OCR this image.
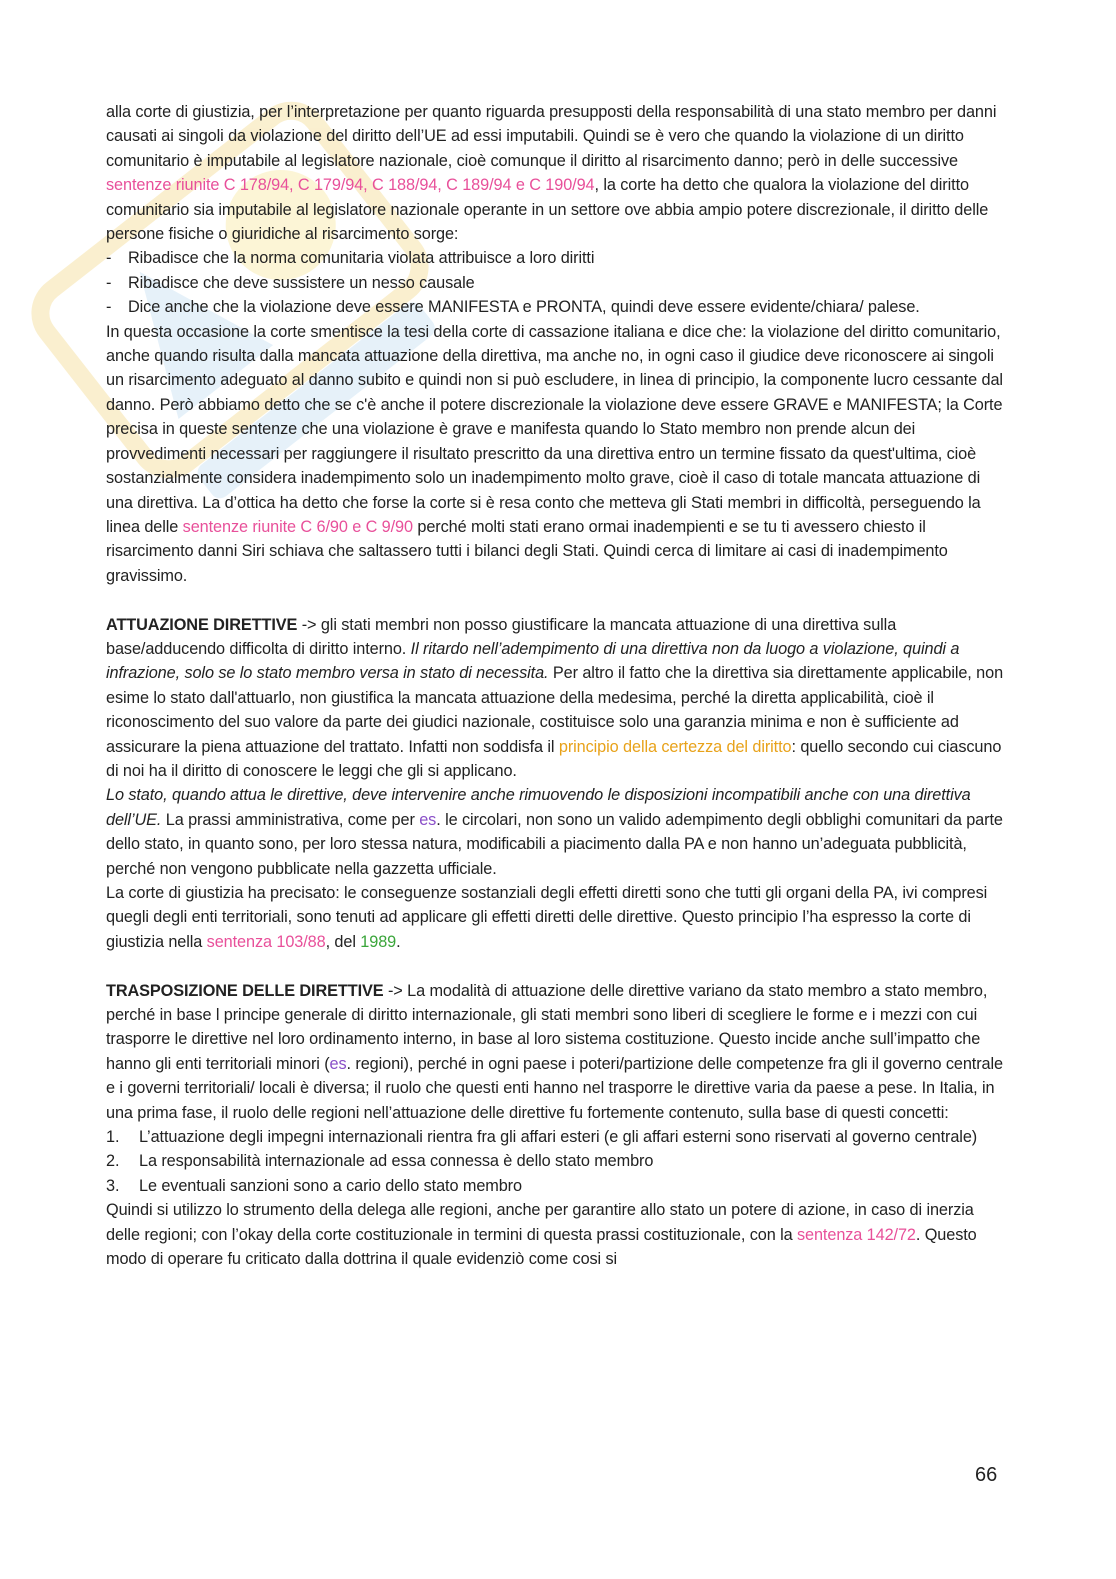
alla corte di giustizia, per l’interpretazione per quanto riguarda presupposti della responsabilità di una stato membro per danni causati ai singoli da violazione del diritto dell’UE ad essi imputabili. Quindi se è vero che quando la violazione di un diritto comunitario è imputabile al legislatore nazionale, cioè comunque il diritto al risarcimento danno; però in delle successive sentenze riunite C 178/94, C 179/94, C 188/94, C 189/94 e C 190/94, la corte ha detto che qualora la violazione del diritto comunitario sia imputabile al legislatore nazionale operante in un settore ove abbia ampio potere discrezionale, il diritto delle persone fisiche o giuridiche al risarcimento sorge:

- Ribadisce che la norma comunitaria violata attribuisce a loro diritti
- Ribadisce che deve sussistere un nesso causale
- Dice anche che la violazione deve essere MANIFESTA e PRONTA, quindi deve essere evidente/chiara/ palese.

In questa occasione la corte smentisce la tesi della corte di cassazione italiana e dice che: la violazione del diritto comunitario, anche quando risulta dalla mancata attuazione della direttiva, ma anche no, in ogni caso il giudice deve riconoscere ai singoli un risarcimento adeguato al danno subito e quindi non si può escludere, in linea di principio, la componente lucro cessante dal danno. Però abbiamo detto che se c'è anche il potere discrezionale la violazione deve essere GRAVE e MANIFESTA; la Corte precisa in queste sentenze che una violazione è grave e manifesta quando lo Stato membro non prende alcun dei provvedimenti necessari per raggiungere il risultato prescritto da una direttiva entro un termine fissato da quest'ultima, cioè sostanzialmente considera inadempimento solo un inadempimento molto grave, cioè il caso di totale mancata attuazione di una direttiva. La d’ottica ha detto che forse la corte si è resa conto che metteva gli Stati membri in difficoltà, perseguendo la linea delle sentenze riunite C 6/90 e C 9/90 perché molti stati erano ormai inadempienti e se tu ti avessero chiesto il risarcimento danni Siri schiava che saltassero tutti i bilanci degli Stati. Quindi cerca di limitare ai casi di inadempimento gravissimo.

ATTUAZIONE DIRETTIVE -> gli stati membri non posso giustificare la mancata attuazione di una direttiva sulla base/adducendo difficolta di diritto interno. Il ritardo nell’adempimento di una direttiva non da luogo a violazione, quindi a infrazione, solo se lo stato membro versa in stato di necessita. Per altro il fatto che la direttiva sia direttamente applicabile, non esime lo stato dall'attuarlo, non giustifica la mancata attuazione della medesima, perché la diretta applicabilità, cioè il riconoscimento del suo valore da parte dei giudici nazionale, costituisce solo una garanzia minima e non è sufficiente ad assicurare la piena attuazione del trattato. Infatti non soddisfa il principio della certezza del diritto: quello secondo cui ciascuno di noi ha il diritto di conoscere le leggi che gli si applicano.

Lo stato, quando attua le direttive, deve intervenire anche rimuovendo le disposizioni incompatibili anche con una direttiva dell’UE. La prassi amministrativa, come per es. le circolari, non sono un valido adempimento degli obblighi comunitari da parte dello stato, in quanto sono, per loro stessa natura, modificabili a piacimento dalla PA e non hanno un’adeguata pubblicità, perché non vengono pubblicate nella gazzetta ufficiale.

La corte di giustizia ha precisato: le conseguenze sostanziali degli effetti diretti sono che tutti gli organi della PA, ivi compresi quegli degli enti territoriali, sono tenuti ad applicare gli effetti diretti delle direttive. Questo principio l’ha espresso la corte di giustizia nella sentenza 103/88, del 1989.

TRASPOSIZIONE DELLE DIRETTIVE -> La modalità di attuazione delle direttive variano da stato membro a stato membro, perché in base l principe generale di diritto internazionale, gli stati membri sono liberi di scegliere le forme e i mezzi con cui trasporre le direttive nel loro ordinamento interno, in base al loro sistema costituzione. Questo incide anche sull’impatto che hanno gli enti territoriali minori (es. regioni), perché in ogni paese i poteri/partizione delle competenze fra gli il governo centrale e i governi territoriali/ locali è diversa; il ruolo che questi enti hanno nel trasporre le direttive varia da paese a pese. In Italia, in una prima fase, il ruolo delle regioni nell’attuazione delle direttive fu fortemente contenuto, sulla base di questi concetti:

1. L’attuazione degli impegni internazionali rientra fra gli affari esteri (e gli affari esterni sono riservati al governo centrale)
2. La responsabilità internazionale ad essa connessa è dello stato membro
3. Le eventuali sanzioni sono a cario dello stato membro

Quindi si utilizzo lo strumento della delega alle regioni, anche per garantire allo stato un potere di azione, in caso di inerzia delle regioni; con l’okay della corte costituzionale in termini di questa prassi costituzionale, con la sentenza 142/72. Questo modo di operare fu criticato dalla dottrina il quale evidenziò come cosi si

66
